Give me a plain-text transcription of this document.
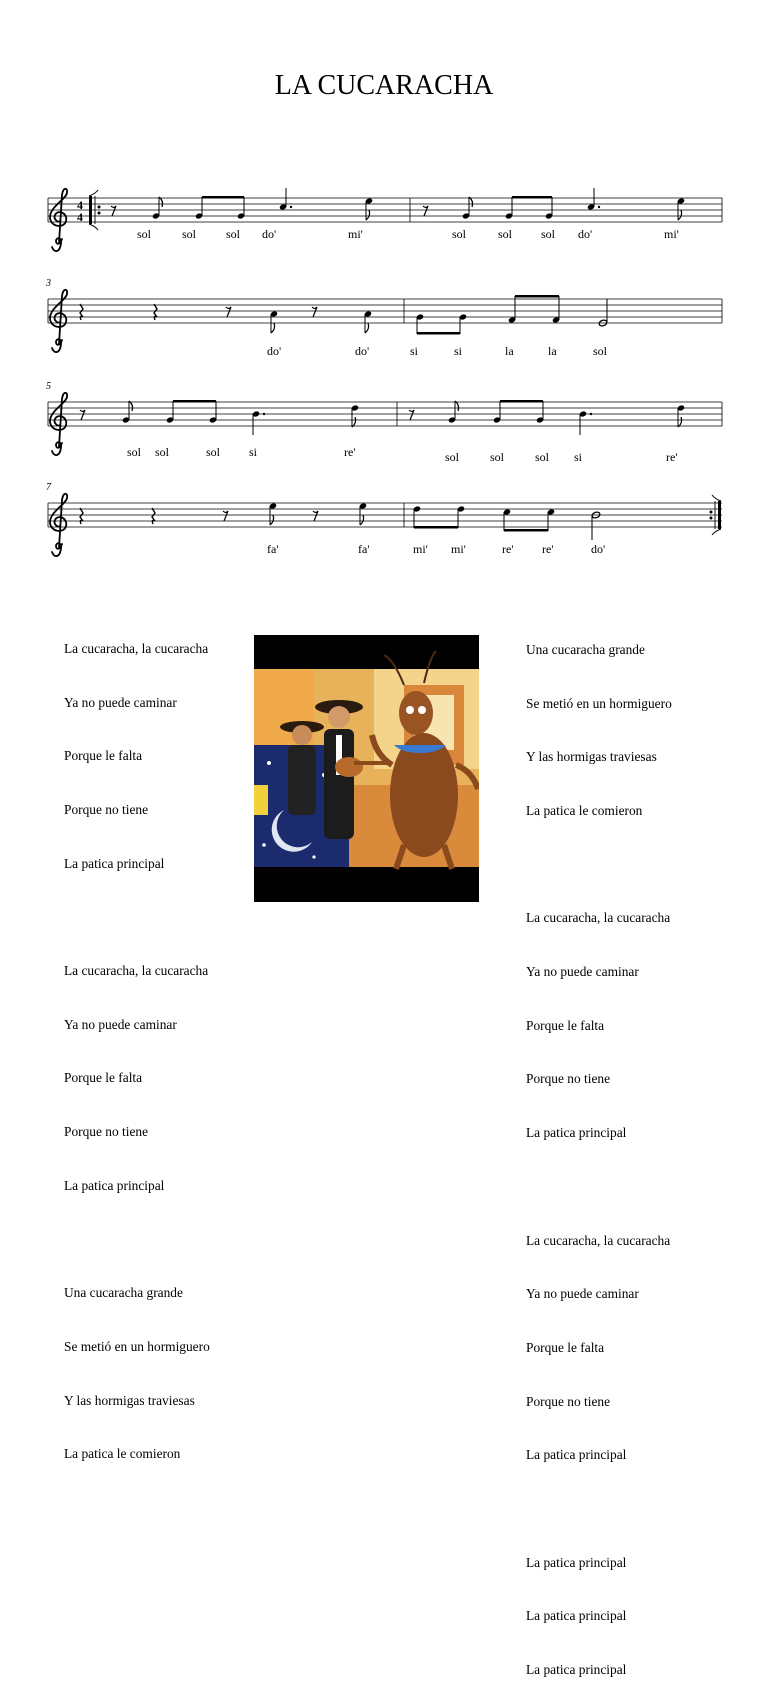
LA CUCARACHA
4
4
sol	sol sol do'	mi'	sol	sol sol do'	mi'
3
do'	do'	si	si	la	la	sol
5
sol sol	sol si	re'	sol	sol	sol si	re'
7
fa'	fa'	mi' mi'	re' re'	do'

La cucaracha, la cucaracha

Ya no puede caminar

Porque le falta

Porque no tiene

La patica principal

La cucaracha, la cucaracha

Ya no puede caminar

Porque le falta

Porque no tiene

La patica principal

Una cucaracha grande

Se metió en un hormiguero

Y las hormigas traviesas

La patica le comieron

Una cucaracha grande

Se metió en un hormiguero

Y las hormigas traviesas

La patica le comieron

La cucaracha, la cucaracha

Ya no puede caminar

Porque le falta

Porque no tiene

La patica principal

La cucaracha, la cucaracha

Ya no puede caminar

Porque le falta

Porque no tiene

La patica principal

La patica principal

La patica principal

La patica principal
